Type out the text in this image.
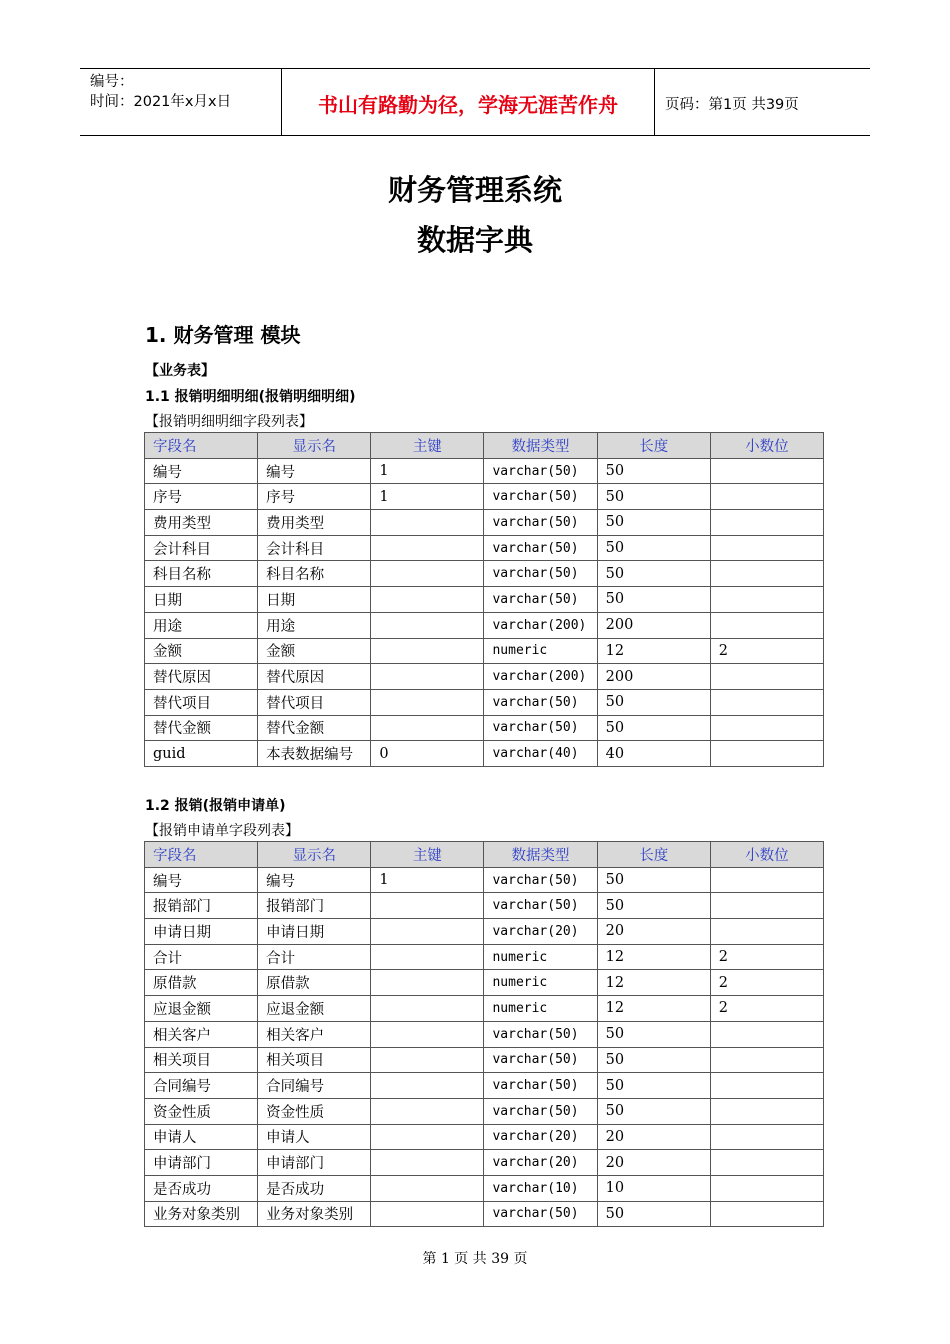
编号：
时间：2021年x月x日	书山有路勤为径，学海无涯苦作舟	页码：第1页 共39页
财务管理系统
数据字典
1. 财务管理 模块
【业务表】
1.1 报销明细明细(报销明细明细)
【报销明细明细字段列表】
字段名	显示名	主键	数据类型	长度	小数位
编号	编号	1	varchar(50)	50	
序号	序号	1	varchar(50)	50	
费用类型	费用类型		varchar(50)	50	
会计科目	会计科目		varchar(50)	50	
科目名称	科目名称		varchar(50)	50	
日期	日期		varchar(50)	50	
用途	用途		varchar(200)	200	
金额	金额		numeric	12	2
替代原因	替代原因		varchar(200)	200	
替代项目	替代项目		varchar(50)	50	
替代金额	替代金额		varchar(50)	50	
guid	本表数据编号	0	varchar(40)	40	
1.2 报销(报销申请单)
【报销申请单字段列表】
字段名	显示名	主键	数据类型	长度	小数位
编号	编号	1	varchar(50)	50	
报销部门	报销部门		varchar(50)	50	
申请日期	申请日期		varchar(20)	20	
合计	合计		numeric	12	2
原借款	原借款		numeric	12	2
应退金额	应退金额		numeric	12	2
相关客户	相关客户		varchar(50)	50	
相关项目	相关项目		varchar(50)	50	
合同编号	合同编号		varchar(50)	50	
资金性质	资金性质		varchar(50)	50	
申请人	申请人		varchar(20)	20	
申请部门	申请部门		varchar(20)	20	
是否成功	是否成功		varchar(10)	10	
业务对象类别	业务对象类别		varchar(50)	50	
第 1 页 共 39 页
